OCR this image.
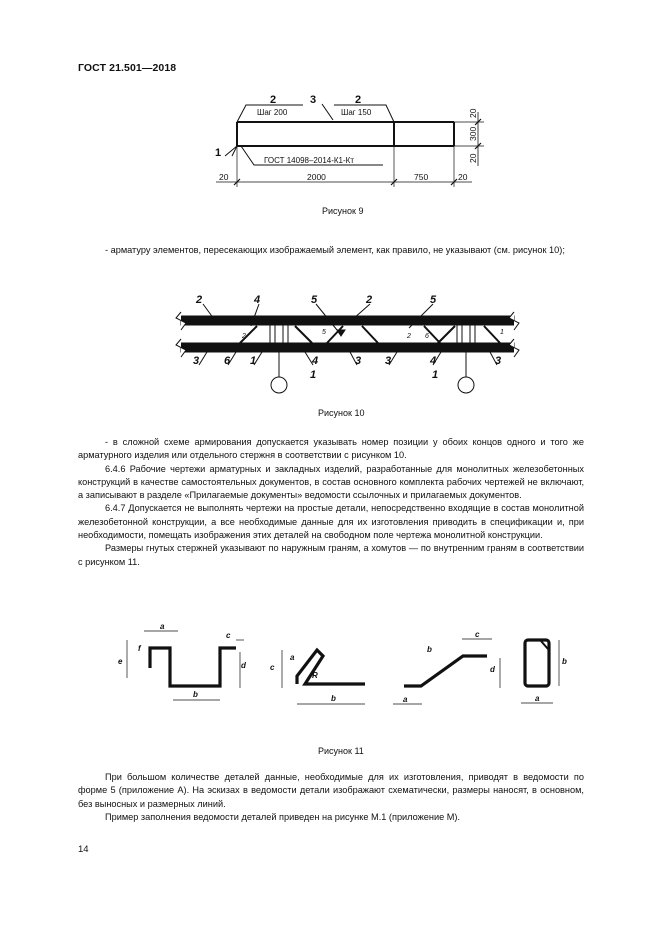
ГОСТ 21.501—2018
2
Шаг 200
3	2
Шаг 150
1
ГОСТ 14098–2014-К1-Кт
20	2000	750	20
20
300
20
Рисунок 9

- арматуру элементов, пересекающих изображаемый элемент, как правило, не указывают (см. рисунок 10);

2	4	5	2	5
3 6 1	4	3 3
1
4
1
3
2	2 6
5	1
Рисунок 10

- в сложной схеме армирования допускается указывать номер позиции у обоих концов одного и того же арматурного изделия или отдельного стержня в соответствии с рисунком 10.

6.4.6 Рабочие чертежи арматурных и закладных изделий, разработанные для монолитных железобетонных конструкций в качестве самостоятельных документов, в состав основного комплекта рабочих чертежей не включают, а записывают в разделе «Прилагаемые документы» ведомости ссылочных и прилагаемых документов.

6.4.7 Допускается не выполнять чертежи на простые детали, непосредственно входящие в состав монолитной железобетонной конструкции, а все необходимые данные для их изготовления приводить в спецификации и, при необходимости, помещать изображения этих деталей на свободном поле чертежа монолитной конструкции.

Размеры гнутых стержней указывают по наружным граням, а хомутов — по внутренним граням в соответствии с рисунком 11.

a
e
f
b
c
d	c
a
R
b
b
c
d
a	a
b
Рисунок 11

При большом количестве деталей данные, необходимые для их изготовления, приводят в ведомости по форме 5 (приложение А). На эскизах в ведомости детали изображают схематически, размеры наносят, в основном, без выносных и размерных линий.

Пример заполнения ведомости деталей приведен на рисунке М.1 (приложение М).

14
